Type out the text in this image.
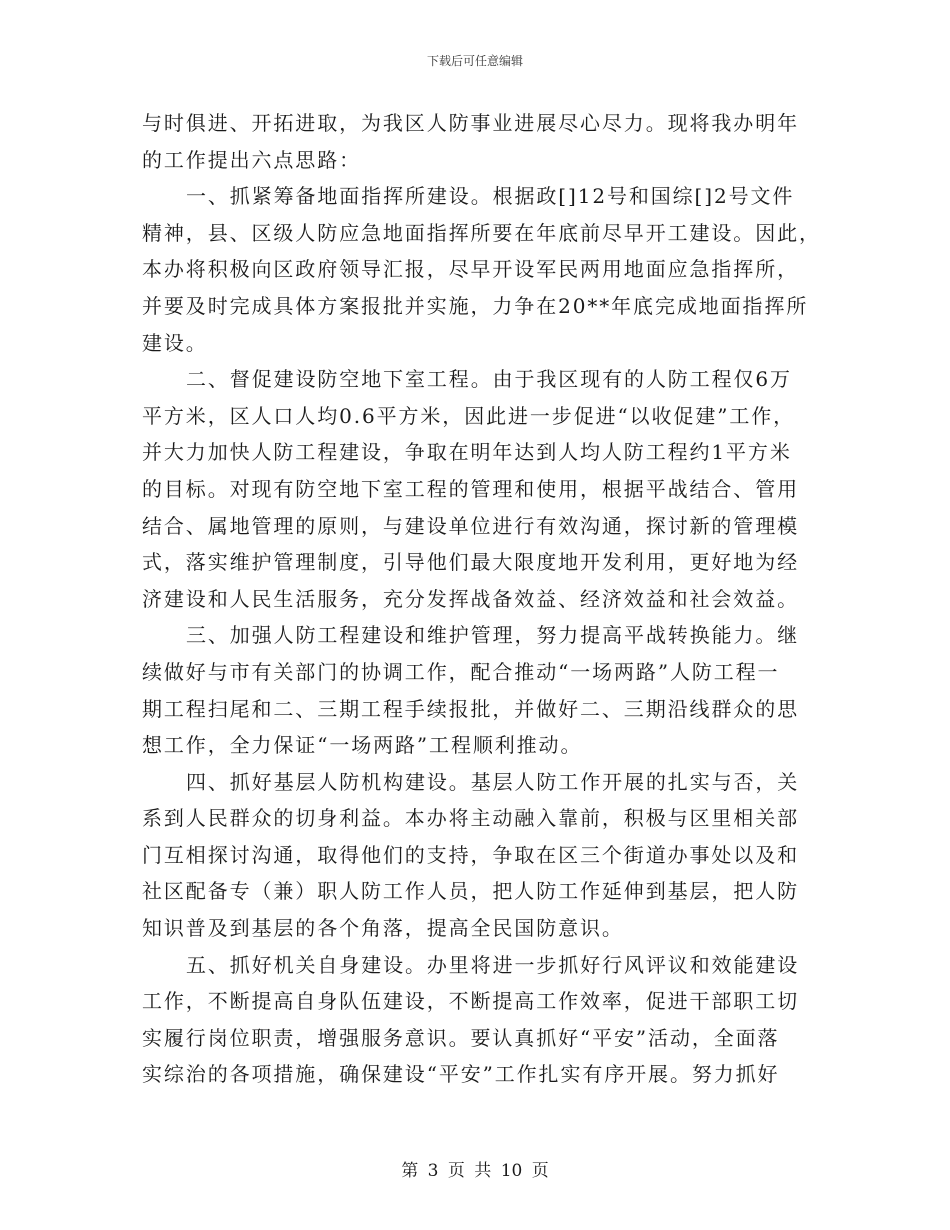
下载后可任意编辑
与时俱进、开拓进取，为我区人防事业进展尽心尽力。现将我办明年
的工作提出六点思路：
一、抓紧筹备地面指挥所建设。根据政[]12号和国综[]2号文件
精神，县、区级人防应急地面指挥所要在年底前尽早开工建设。因此，
本办将积极向区政府领导汇报，尽早开设军民两用地面应急指挥所，
并要及时完成具体方案报批并实施，力争在20**年底完成地面指挥所
建设。
二、督促建设防空地下室工程。由于我区现有的人防工程仅6万
平方米，区人口人均0.6平方米，因此进一步促进“以收促建”工作，
并大力加快人防工程建设，争取在明年达到人均人防工程约1平方米
的目标。对现有防空地下室工程的管理和使用，根据平战结合、管用
结合、属地管理的原则，与建设单位进行有效沟通，探讨新的管理模
式，落实维护管理制度，引导他们最大限度地开发利用，更好地为经
济建设和人民生活服务，充分发挥战备效益、经济效益和社会效益。
三、加强人防工程建设和维护管理，努力提高平战转换能力。继
续做好与市有关部门的协调工作，配合推动“一场两路”人防工程一
期工程扫尾和二、三期工程手续报批，并做好二、三期沿线群众的思
想工作，全力保证“一场两路”工程顺利推动。
四、抓好基层人防机构建设。基层人防工作开展的扎实与否，关
系到人民群众的切身利益。本办将主动融入靠前，积极与区里相关部
门互相探讨沟通，取得他们的支持，争取在区三个街道办事处以及和
社区配备专（兼）职人防工作人员，把人防工作延伸到基层，把人防
知识普及到基层的各个角落，提高全民国防意识。
五、抓好机关自身建设。办里将进一步抓好行风评议和效能建设
工作，不断提高自身队伍建设，不断提高工作效率，促进干部职工切
实履行岗位职责，增强服务意识。要认真抓好“平安”活动，全面落
实综治的各项措施，确保建设“平安”工作扎实有序开展。努力抓好
第 3 页 共 10 页
